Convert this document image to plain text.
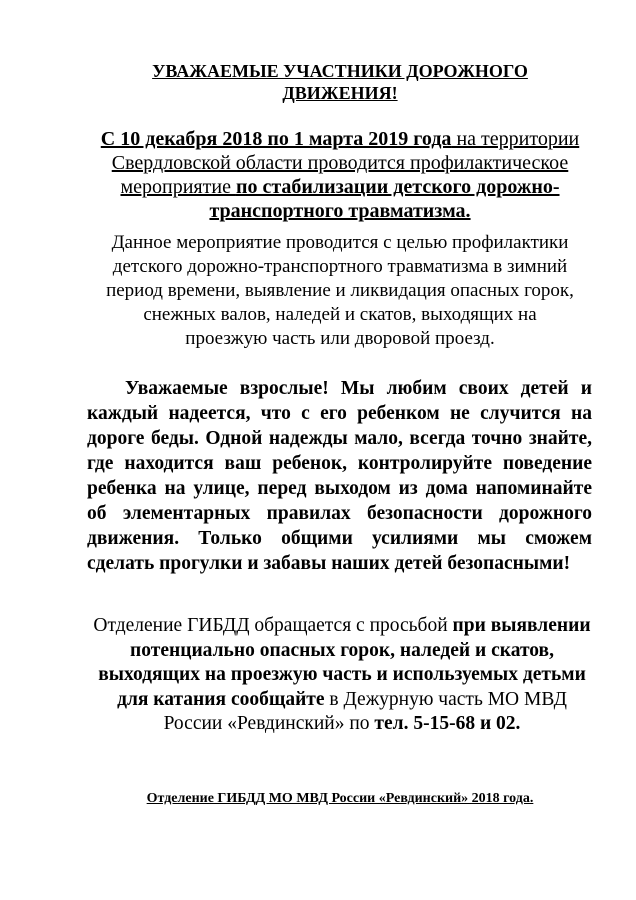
УВАЖАЕМЫЕ УЧАСТНИКИ ДОРОЖНОГО ДВИЖЕНИЯ!
С 10 декабря 2018 по 1 марта 2019 года на территории Свердловской области проводится профилактическое мероприятие по стабилизации детского дорожно-транспортного травматизма.
Данное мероприятие проводится с целью профилактики детского дорожно-транспортного травматизма в зимний период времени, выявление и ликвидация опасных горок, снежных валов, наледей и скатов, выходящих на проезжую часть или дворовой проезд.
Уважаемые взрослые! Мы любим своих детей и каждый надеется, что с его ребенком не случится на дороге беды. Одной надежды мало, всегда точно знайте, где находится ваш ребенок, контролируйте поведение ребенка на улице, перед выходом из дома напоминайте об элементарных правилах безопасности дорожного движения. Только общими усилиями мы сможем сделать прогулки и забавы наших детей безопасными!
Отделение ГИБДД обращается с просьбой при выявлении потенциально опасных горок, наледей и скатов, выходящих на проезжую часть и используемых детьми для катания сообщайте в Дежурную часть МО МВД России «Ревдинский» по тел. 5-15-68 и 02.
Отделение ГИБДД МО МВД России «Ревдинский» 2018 года.
